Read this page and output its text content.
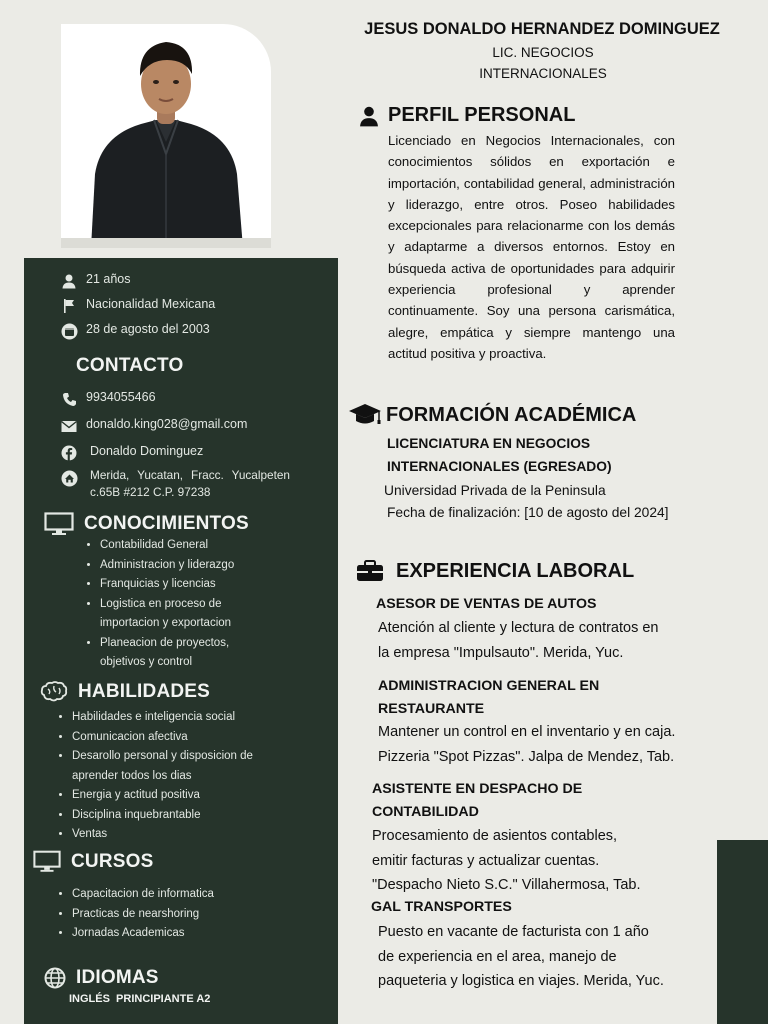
21 años
Nacionalidad Mexicana
28 de agosto del 2003
CONTACTO
9934055466
donaldo.king028@gmail.com
Donaldo Dominguez
Merida, Yucatan, Fracc. Yucalpeten
c.65B #212 C.P. 97238
CONOCIMIENTOS
• Contabilidad General
• Administracion y liderazgo
• Franquicias y licencias
• Logistica en proceso de importacion y exportacion
• Planeacion de proyectos, objetivos y control
HABILIDADES
• Habilidades e inteligencia social
• Comunicacion afectiva
• Desarollo personal y disposicion de aprender todos los dias
• Energia y actitud positiva
• Disciplina inquebrantable
• Ventas
CURSOS
• Capacitacion de informatica
• Practicas de nearshoring
• Jornadas Academicas
IDIOMAS
INGLÉS  PRINCIPIANTE A2
JESUS DONALDO HERNANDEZ DOMINGUEZ
LIC. NEGOCIOS
INTERNACIONALES
PERFIL PERSONAL
Licenciado en Negocios Internacionales, con conocimientos sólidos en exportación e importación, contabilidad general, administración y liderazgo, entre otros. Poseo habilidades excepcionales para relacionarme con los demás y adaptarme a diversos entornos. Estoy en búsqueda activa de oportunidades para adquirir experiencia profesional y aprender continuamente. Soy una persona carismática, alegre, empática y siempre mantengo una actitud positiva y proactiva.
FORMACIÓN ACADÉMICA
LICENCIATURA EN NEGOCIOS
INTERNACIONALES (EGRESADO)
Universidad Privada de la Peninsula
Fecha de finalización: [10 de agosto del 2024]
EXPERIENCIA LABORAL
ASESOR DE VENTAS DE AUTOS
Atención al cliente y lectura de contratos en
la empresa "Impulsauto". Merida, Yuc.
ADMINISTRACION GENERAL EN
RESTAURANTE
Mantener un control en el inventario y en caja.
Pizzeria "Spot Pizzas". Jalpa de Mendez, Tab.
ASISTENTE EN DESPACHO DE
CONTABILIDAD
Procesamiento de asientos contables,
emitir facturas y actualizar cuentas.
"Despacho Nieto S.C." Villahermosa, Tab.
GAL TRANSPORTES
Puesto en vacante de facturista con 1 año
de experiencia en el area, manejo de
paqueteria y logistica en viajes. Merida, Yuc.
